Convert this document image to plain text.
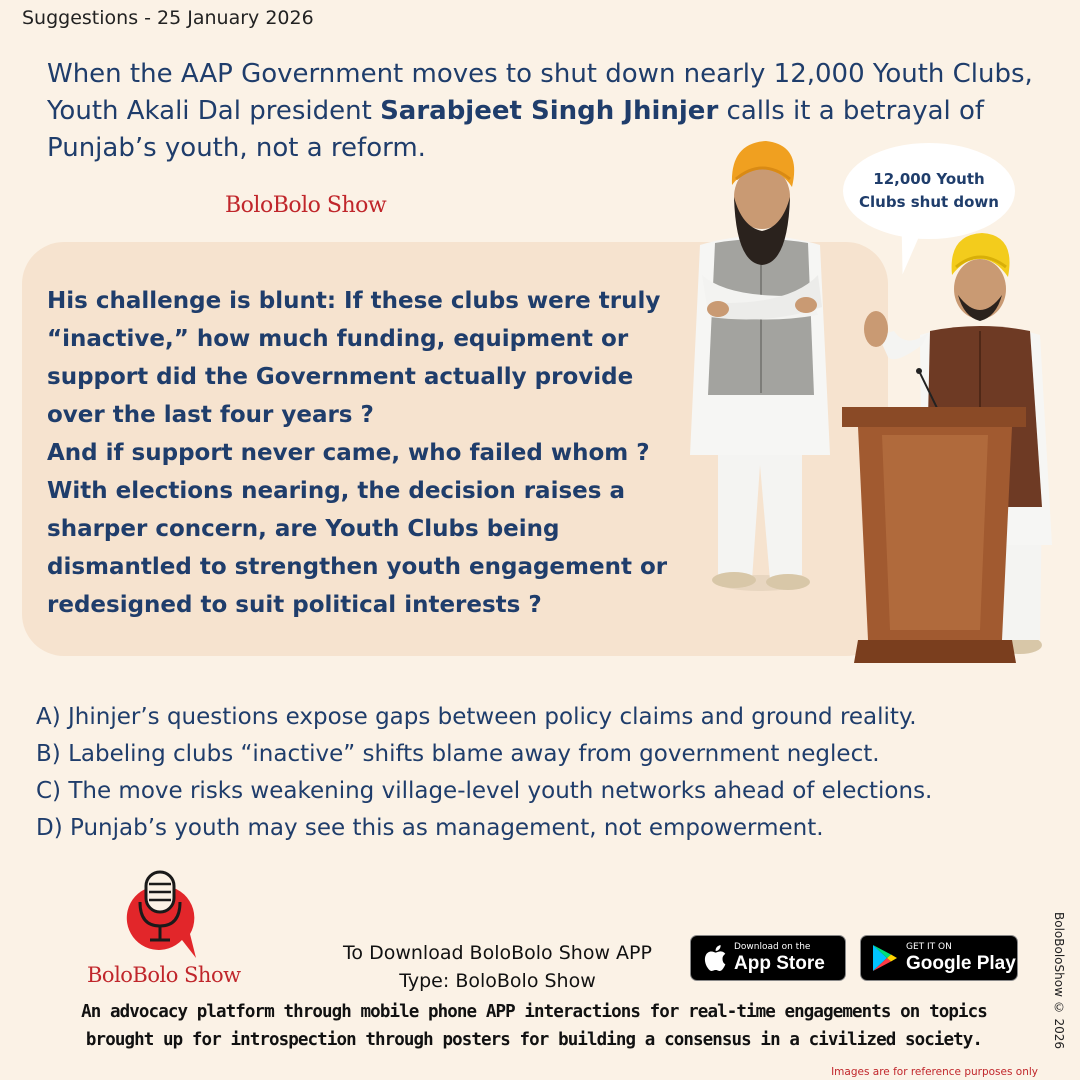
Suggestions - 25 January 2026
When the AAP Government moves to shut down nearly 12,000 Youth Clubs, Youth Akali Dal president Sarabjeet Singh Jhinjer calls it a betrayal of Punjab’s youth, not a reform.
BoloBolo Show

His challenge is blunt: If these clubs were truly “inactive,” how much funding, equipment or support did the Government actually provide over the last four years ?

And if support never came, who failed whom ?

With elections nearing, the decision raises a sharper concern, are Youth Clubs being dismantled to strengthen youth engagement or redesigned to suit political interests ?

12,000 Youth
Clubs shut down
A) Jhinjer’s questions expose gaps between policy claims and ground reality.
B) Labeling clubs “inactive” shifts blame away from government neglect.
C) The move risks weakening village-level youth networks ahead of elections.
D) Punjab’s youth may see this as management, not empowerment.
BoloBolo Show
To Download BoloBolo Show APP
Type: BoloBolo Show
Download on the
App Store
GET IT ON
Google Play
An advocacy platform through mobile phone APP interactions for real-time engagements on topics
brought up for introspection through posters for building a consensus in a civilized society.	BoloBoloShow © 2026
Images are for reference purposes only
